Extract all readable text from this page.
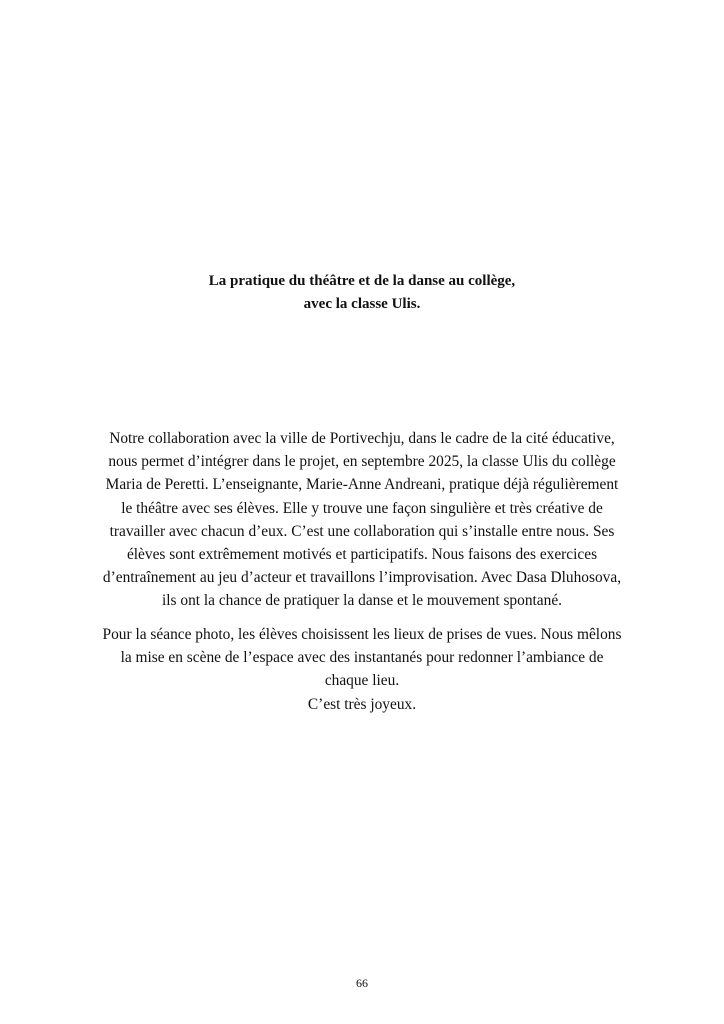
La pratique du théâtre et de la danse au collège,
avec la classe Ulis.
Notre collaboration avec la ville de Portivechju, dans le cadre de la cité éducative,
nous permet d’intégrer dans le projet, en septembre 2025, la classe Ulis du collège
Maria de Peretti. L’enseignante, Marie-Anne Andreani, pratique déjà régulièrement
le théâtre avec ses élèves. Elle y trouve une façon singulière et très créative de
travailler avec chacun d’eux. C’est une collaboration qui s’installe entre nous. Ses
élèves sont extrêmement motivés et participatifs. Nous faisons des exercices
d’entraînement au jeu d’acteur et travaillons l’improvisation. Avec Dasa Dluhosova,
ils ont la chance de pratiquer la danse et le mouvement spontané.
Pour la séance photo, les élèves choisissent les lieux de prises de vues. Nous mêlons
la mise en scène de l’espace avec des instantanés pour redonner l’ambiance de
chaque lieu.
C’est très joyeux.
66
